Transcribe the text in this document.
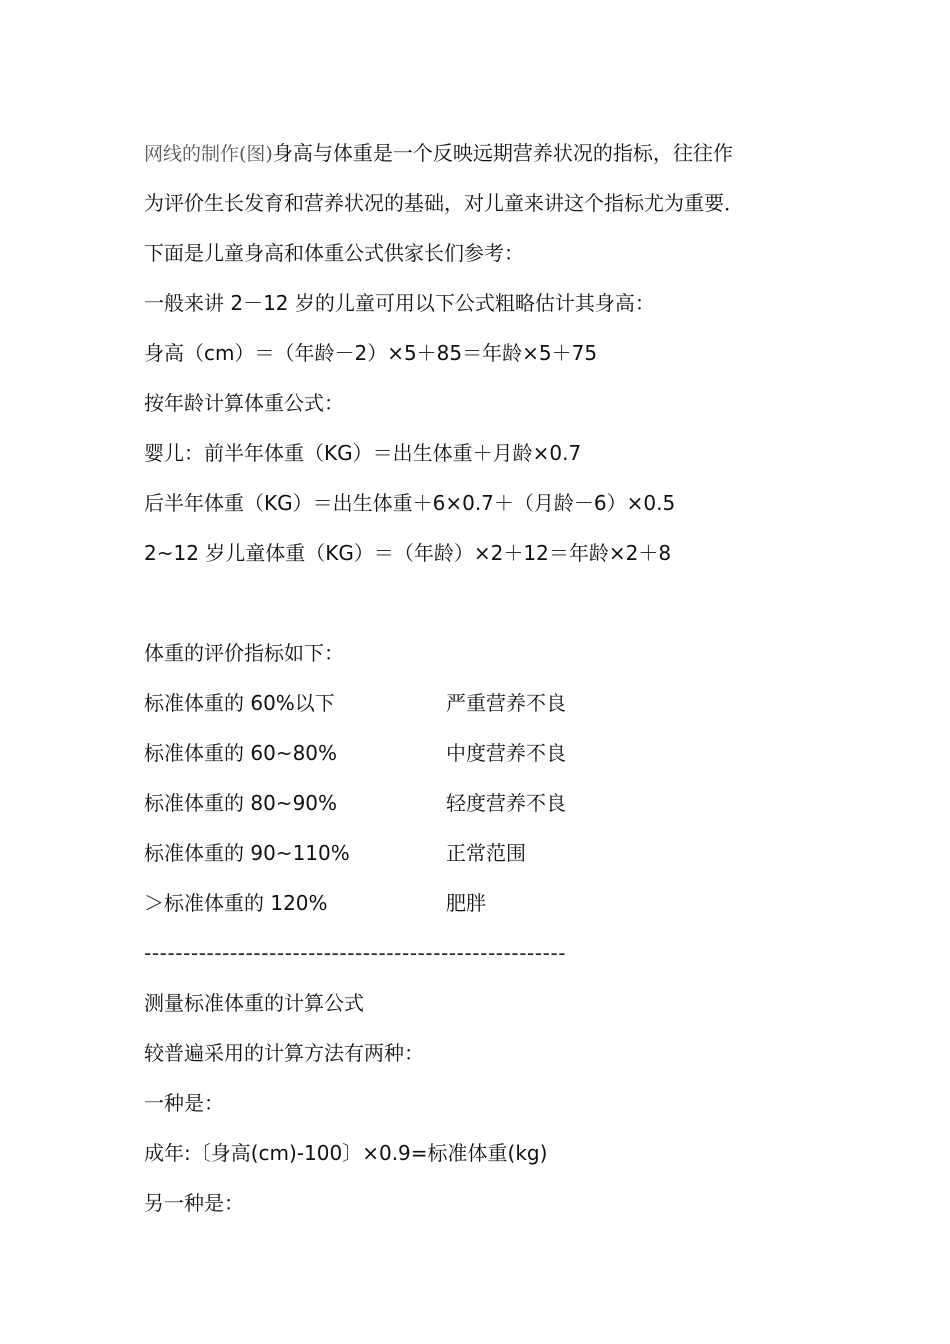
网线的制作(图)身高与体重是一个反映远期营养状况的指标，往往作
为评价生长发育和营养状况的基础，对儿童来讲这个指标尤为重要．
下面是儿童身高和体重公式供家长们参考：
一般来讲 2－12 岁的儿童可用以下公式粗略估计其身高：
身高（cm）＝（年龄－2）×5＋85＝年龄×5＋75
按年龄计算体重公式：
婴儿：前半年体重（KG）＝出生体重＋月龄×0.7
后半年体重（KG）＝出生体重＋6×0.7＋（月龄－6）×0.5
2~12 岁儿童体重（KG）＝（年龄）×2＋12＝年龄×2＋8
体重的评价指标如下：
标准体重的 60%以下	严重营养不良
标准体重的 60~80%	中度营养不良
标准体重的 80~90%	轻度营养不良
标准体重的 90~110%	正常范围
＞标准体重的 120%	肥胖
------------------------------------------------------
测量标准体重的计算公式
较普遍采用的计算方法有两种：
一种是：
成年:〔身高(cm)-100〕×0.9=标准体重(kg)
另一种是：
